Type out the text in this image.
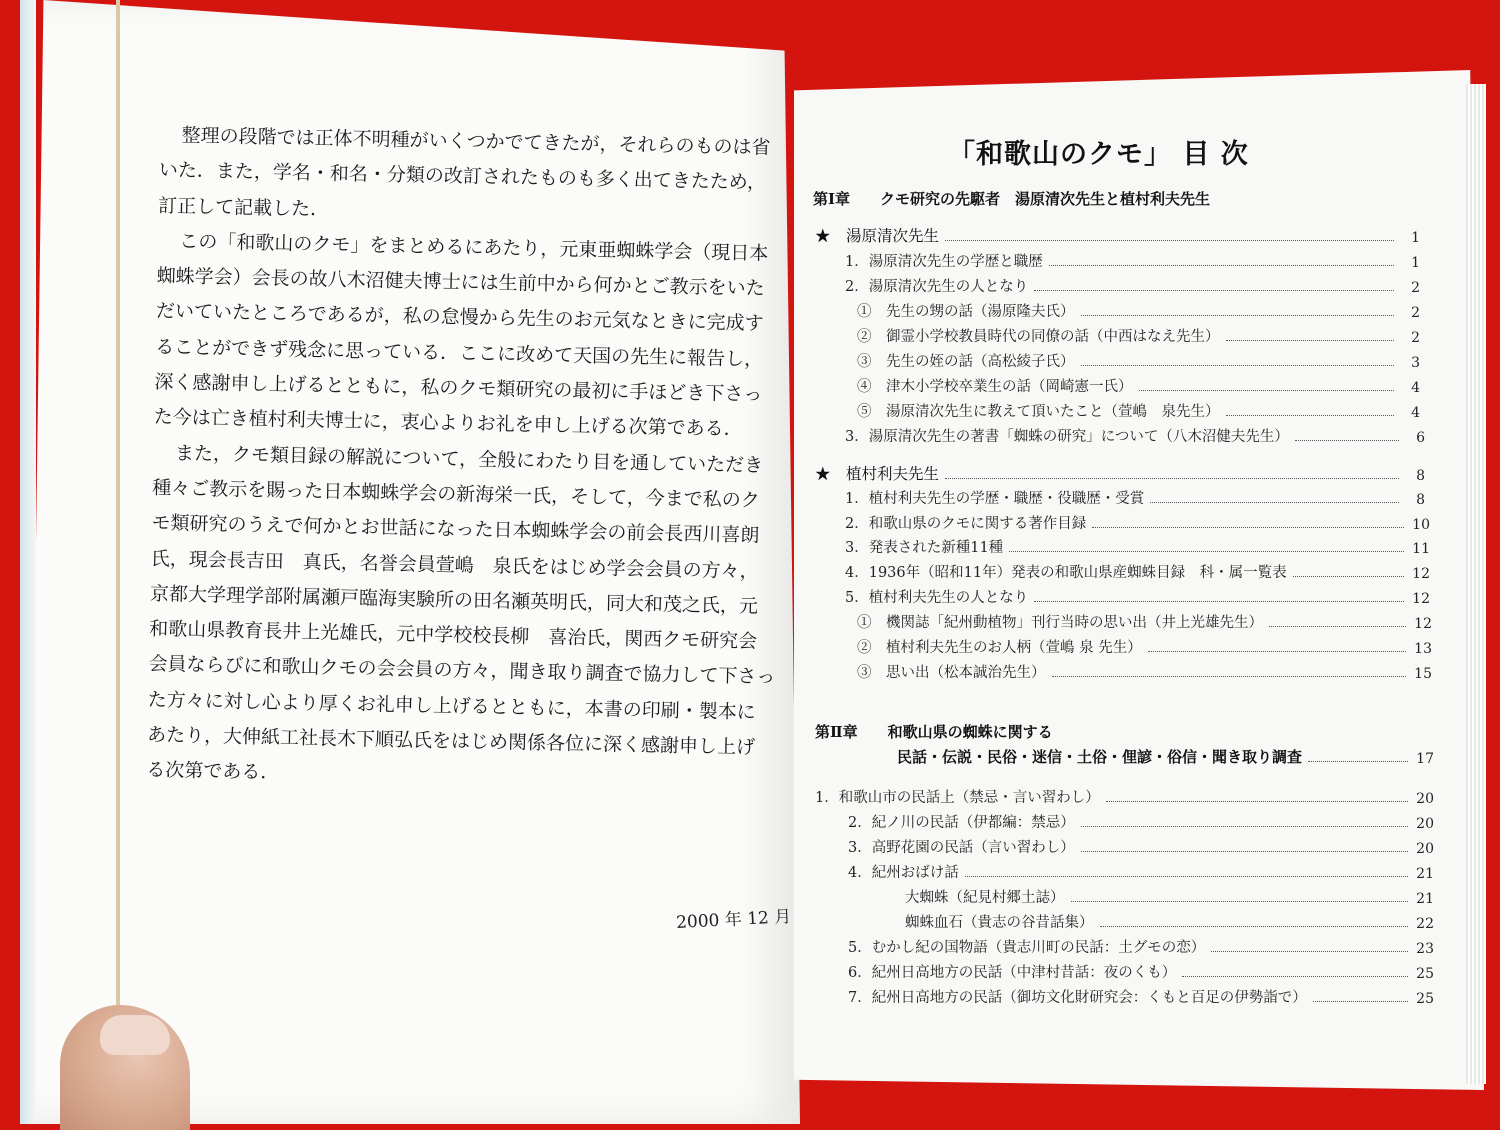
整理の段階では正体不明種がいくつかでてきたが，それらのものは省

いた．また，学名・和名・分類の改訂されたものも多く出てきたため，

訂正して記載した．

この「和歌山のクモ」をまとめるにあたり，元東亜蜘蛛学会（現日本

蜘蛛学会）会長の故八木沼健夫博士には生前中から何かとご教示をいた

だいていたところであるが，私の怠慢から先生のお元気なときに完成す

ることができず残念に思っている．ここに改めて天国の先生に報告し，

深く感謝申し上げるとともに，私のクモ類研究の最初に手ほどき下さっ

た今は亡き植村利夫博士に，衷心よりお礼を申し上げる次第である．

また，クモ類目録の解説について，全般にわたり目を通していただき

種々ご教示を賜った日本蜘蛛学会の新海栄一氏，そして，今まで私のク

モ類研究のうえで何かとお世話になった日本蜘蛛学会の前会長西川喜朗

氏，現会長吉田　真氏，名誉会員萱嶋　泉氏をはじめ学会会員の方々，

京都大学理学部附属瀬戸臨海実験所の田名瀬英明氏，同大和茂之氏，元

和歌山県教育長井上光雄氏，元中学校校長柳　喜治氏，関西クモ研究会

会員ならびに和歌山クモの会会員の方々，聞き取り調査で協力して下さっ

た方々に対し心より厚くお礼申し上げるとともに，本書の印刷・製本に

あたり，大伸紙工社長木下順弘氏をはじめ関係各位に深く感謝申し上げ

る次第である．

2000 年 12 月
「和歌山のクモ」 目 次
第Ⅰ章　　クモ研究の先駆者　湯原清次先生と植村利夫先生
★　湯原清次先生	1
1．湯原清次先生の学歴と職歴	1
2．湯原清次先生の人となり	2
①　先生の甥の話（湯原隆夫氏）	2
②　御霊小学校教員時代の同僚の話（中西はなえ先生）	2
③　先生の姪の話（高松綾子氏）	3
④　津木小学校卒業生の話（岡崎憲一氏）	4
⑤　湯原清次先生に教えて頂いたこと（萱嶋　泉先生）	4
3．湯原清次先生の著書「蜘蛛の研究」について（八木沼健夫先生）	6
★　植村利夫先生	8
1．植村利夫先生の学歴・職歴・役職歴・受賞	8
2．和歌山県のクモに関する著作目録	10
3．発表された新種11種	11
4．1936年（昭和11年）発表の和歌山県産蜘蛛目録　科・属一覧表	12
5．植村利夫先生の人となり	12
①　機関誌「紀州動植物」刊行当時の思い出（井上光雄先生）	12
②　植村利夫先生のお人柄（萱嶋 泉 先生）	13
③　思い出（松本誠治先生）	15
第Ⅱ章　　和歌山県の蜘蛛に関する
民話・伝説・民俗・迷信・土俗・俚諺・俗信・聞き取り調査	17
1．和歌山市の民話上（禁忌・言い習わし）	20
2．紀ノ川の民話（伊都編：禁忌）	20
3．高野花園の民話（言い習わし）	20
4．紀州おばけ話	21
大蜘蛛（紀見村郷土誌）	21
蜘蛛血石（貴志の谷昔話集）	22
5．むかし紀の国物語（貴志川町の民話：土グモの恋）	23
6．紀州日高地方の民話（中津村昔話：夜のくも）	25
7．紀州日高地方の民話（御坊文化財研究会：くもと百足の伊勢詣で）	25
